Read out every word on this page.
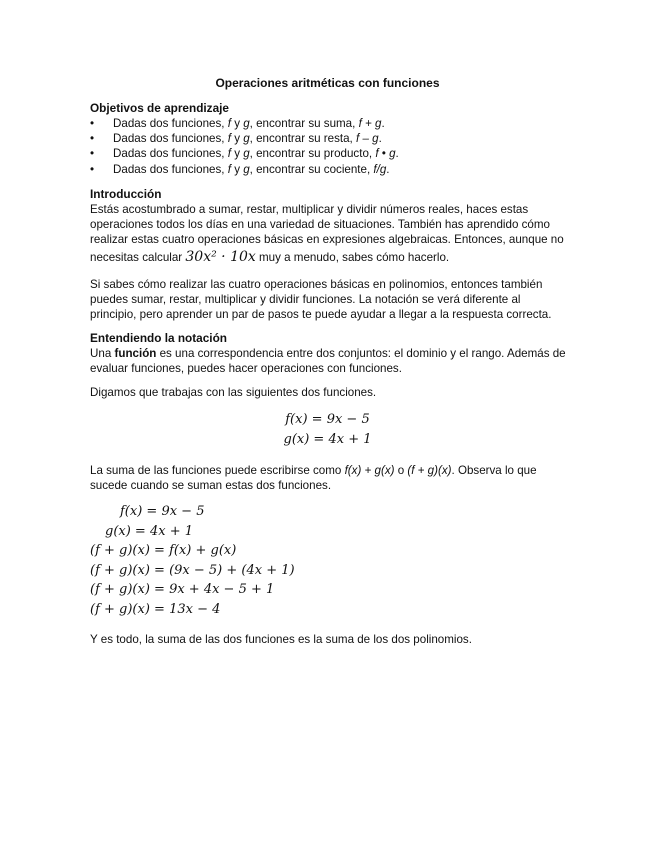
Operaciones aritméticas con funciones
Objetivos de aprendizaje
• Dadas dos funciones, f y g, encontrar su suma, f + g.
• Dadas dos funciones, f y g, encontrar su resta, f – g.
• Dadas dos funciones, f y g, encontrar su producto, f • g.
• Dadas dos funciones, f y g, encontrar su cociente, f/g.
Introducción

Estás acostumbrado a sumar, restar, multiplicar y dividir números reales, haces estas operaciones todos los días en una variedad de situaciones. También has aprendido cómo realizar estas cuatro operaciones básicas en expresiones algebraicas. Entonces, aunque no necesitas calcular 30x² · 10x muy a menudo, sabes cómo hacerlo.

Si sabes cómo realizar las cuatro operaciones básicas en polinomios, entonces también puedes sumar, restar, multiplicar y dividir funciones. La notación se verá diferente al principio, pero aprender un par de pasos te puede ayudar a llegar a la respuesta correcta.
Entendiendo la notación

Una función es una correspondencia entre dos conjuntos: el dominio y el rango. Además de evaluar funciones, puedes hacer operaciones con funciones.

Digamos que trabajas con las siguientes dos funciones.
f(x) = 9x − 5
g(x) = 4x + 1
La suma de las funciones puede escribirse como f(x) + g(x) o (f + g)(x). Observa lo que sucede cuando se suman estas dos funciones.
f(x) = 9x − 5
g(x) = 4x + 1
(f + g)(x) = f(x) + g(x)
(f + g)(x) = (9x − 5) + (4x + 1)
(f + g)(x) = 9x + 4x − 5 + 1
(f + g)(x) = 13x − 4
Y es todo, la suma de las dos funciones es la suma de los dos polinomios.
